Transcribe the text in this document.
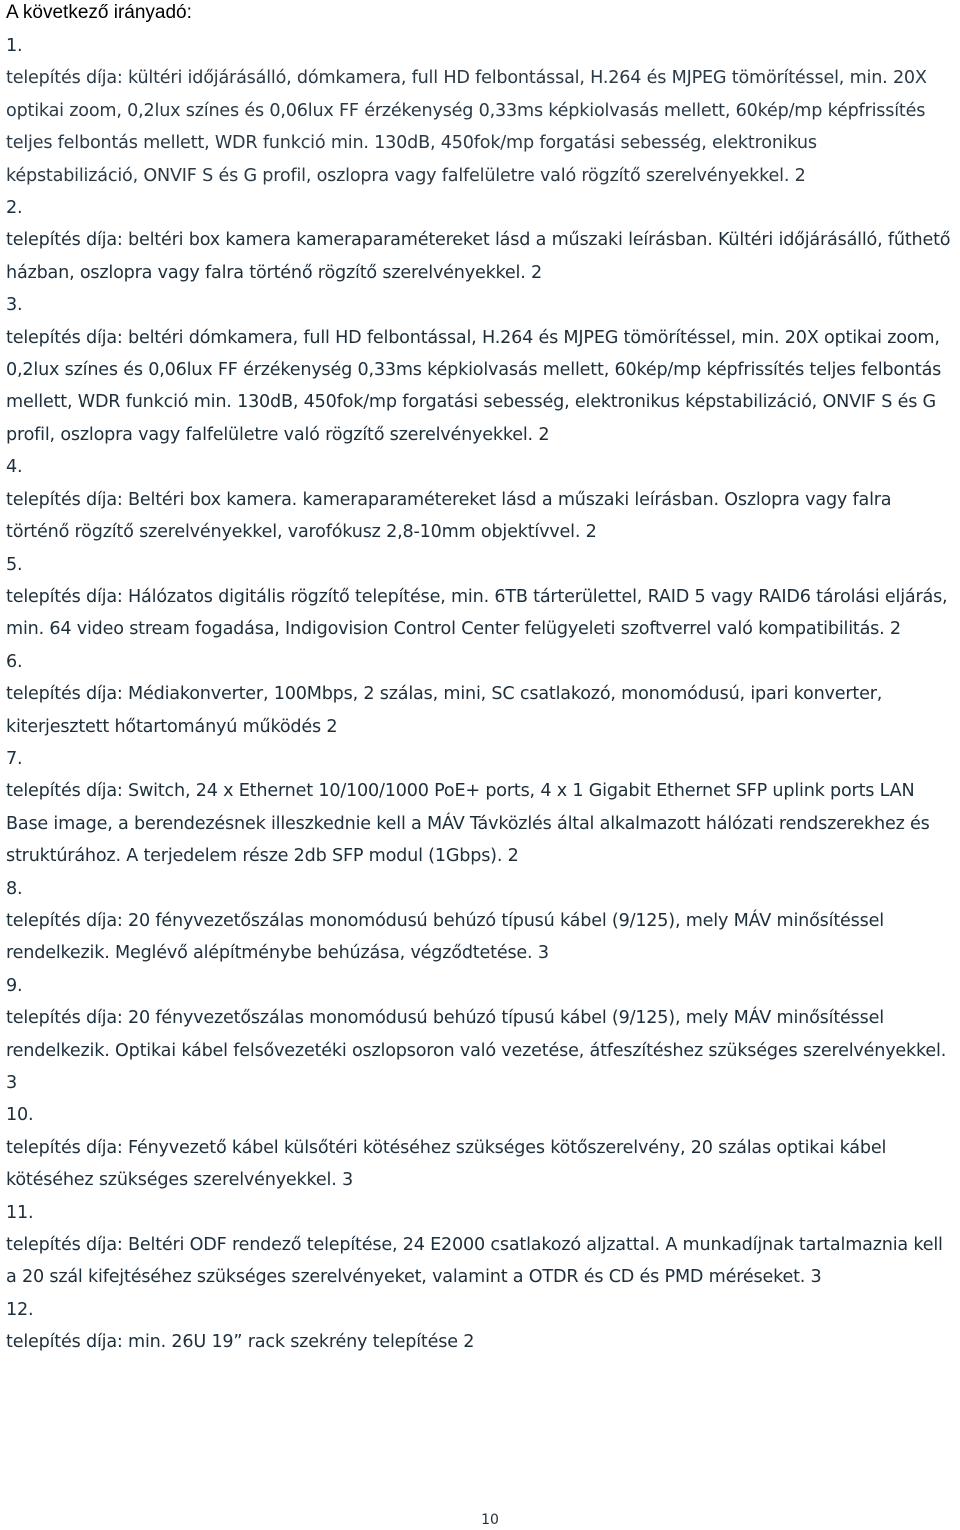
A következő irányadó:

1.
telepítés díja: kültéri időjárásálló, dómkamera, full HD felbontással, H.264 és MJPEG tömörítéssel, min. 20X optikai zoom, 0,2lux színes és 0,06lux FF érzékenység 0,33ms képkiolvasás mellett, 60kép/mp képfrissítés teljes felbontás mellett, WDR funkció min. 130dB, 450fok/mp forgatási sebesség, elektronikus képstabilizáció, ONVIF S és G profil, oszlopra vagy falfelületre való rögzítő szerelvényekkel. 2
2.
telepítés díja: beltéri box kamera kameraparamétereket lásd a műszaki leírásban. Kültéri időjárásálló, fűthető házban, oszlopra vagy falra történő rögzítő szerelvényekkel. 2
3.
telepítés díja: beltéri dómkamera, full HD felbontással, H.264 és MJPEG tömörítéssel, min. 20X optikai zoom, 0,2lux színes és 0,06lux FF érzékenység 0,33ms képkiolvasás mellett, 60kép/mp képfrissítés teljes felbontás mellett, WDR funkció min. 130dB, 450fok/mp forgatási sebesség, elektronikus képstabilizáció, ONVIF S és G profil, oszlopra vagy falfelületre való rögzítő szerelvényekkel. 2
4.
telepítés díja: Beltéri box kamera. kameraparamétereket lásd a műszaki leírásban. Oszlopra vagy falra történő rögzítő szerelvényekkel, varofókusz 2,8-10mm objektívvel. 2
5.
telepítés díja: Hálózatos digitális rögzítő telepítése, min. 6TB tárterülettel, RAID 5 vagy RAID6 tárolási eljárás, min. 64 video stream fogadása, Indigovision Control Center felügyeleti szoftverrel való kompatibilitás. 2
6.
telepítés díja: Médiakonverter, 100Mbps, 2 szálas, mini, SC csatlakozó, monomódusú, ipari konverter, kiterjesztett hőtartományú működés 2
7.
telepítés díja: Switch, 24 x Ethernet 10/100/1000 PoE+ ports, 4 x 1 Gigabit Ethernet SFP uplink ports LAN Base image, a berendezésnek illeszkednie kell a MÁV Távközlés által alkalmazott hálózati rendszerekhez és struktúrához. A terjedelem része 2db SFP modul (1Gbps). 2
8.
telepítés díja: 20 fényvezetőszálas monomódusú behúzó típusú kábel (9/125), mely MÁV minősítéssel rendelkezik. Meglévő alépítménybe behúzása, végződtetése. 3
9.
telepítés díja: 20 fényvezetőszálas monomódusú behúzó típusú kábel (9/125), mely MÁV minősítéssel rendelkezik. Optikai kábel felsővezetéki oszlopsoron való vezetése, átfeszítéshez szükséges szerelvényekkel. 3
10.
telepítés díja: Fényvezető kábel külsőtéri kötéséhez szükséges kötőszerelvény, 20 szálas optikai kábel kötéséhez szükséges szerelvényekkel. 3
11.
telepítés díja: Beltéri ODF rendező telepítése, 24 E2000 csatlakozó aljzattal. A munkadíjnak tartalmaznia kell a 20 szál kifejtéséhez szükséges szerelvényeket, valamint a OTDR és CD és PMD méréseket. 3
12.
telepítés díja: min. 26U 19” rack szekrény telepítése 2
10
